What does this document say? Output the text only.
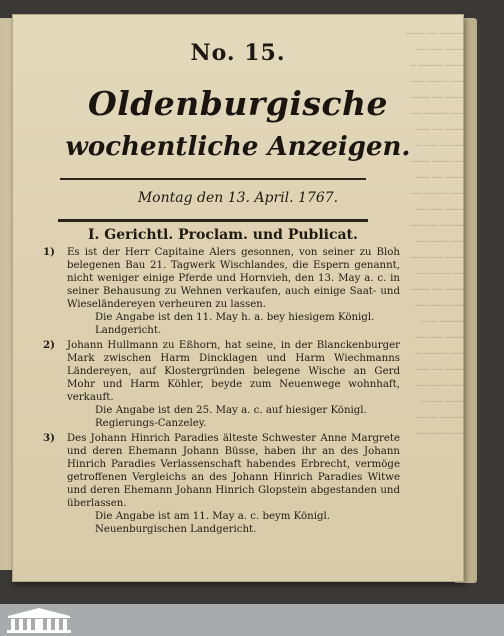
───── ── ────
──── ─── ──
──── ───── ─
─── ──── ───
──── ── ────
─── ───── ──
──── ── ───
───── ─── ─
── ──── ────
──── ── ───
─── ───── ──
──── ─── ──
───── ── ───
─── ──── ──
──── ─── ───
── ───── ──
──── ── ────
─── ──── ──
───── ── ─
──── ─── ──
─── ───── ─
──── ── ───
─── ──── ──
──── ─── ─
───── ── ──
─── ──── ──
No. 15.
Oldenburgische
wochentliche Anzeigen.
Montag den 13. April. 1767.
I. Gerichtl. Proclam. und Publicat.
1) Es ist der Herr Capitaine Alers gesonnen, von seiner zu Bloh belegenen Bau 21. Tagwerk Wischlandes, die Espern genannt, nicht weniger einige Pferde und Hornvieh, den 13. May a. c. in seiner Behausung zu Wehnen verkaufen, auch einige Saat- und Wieseländereyen verheuren zu lassen.
Die Angabe ist den 11. May h. a. bey hiesigem Königl. Landgericht.
2) Johann Hullmann zu Eßhorn, hat seine, in der Blanckenburger Mark zwischen Harm Dincklagen und Harm Wiechmanns Ländereyen, auf Klostergründen belegene Wische an Gerd Mohr und Harm Köhler, beyde zum Neuenwege wohnhaft, verkauft.
Die Angabe ist den 25. May a. c. auf hiesiger Königl. Regierungs-Canzeley.
3) Des Johann Hinrich Paradies älteste Schwester Anne Margrete und deren Ehemann Johann Büsse, haben ihr an des Johann Hinrich Paradies Verlassenschaft habendes Erbrecht, vermöge getroffenen Vergleichs an des Johann Hinrich Paradies Witwe und deren Ehemann Johann Hinrich Glopstein abgestanden und überlassen.
Die Angabe ist am 11. May a. c. beym Königl. Neuenburgischen Landgericht.
